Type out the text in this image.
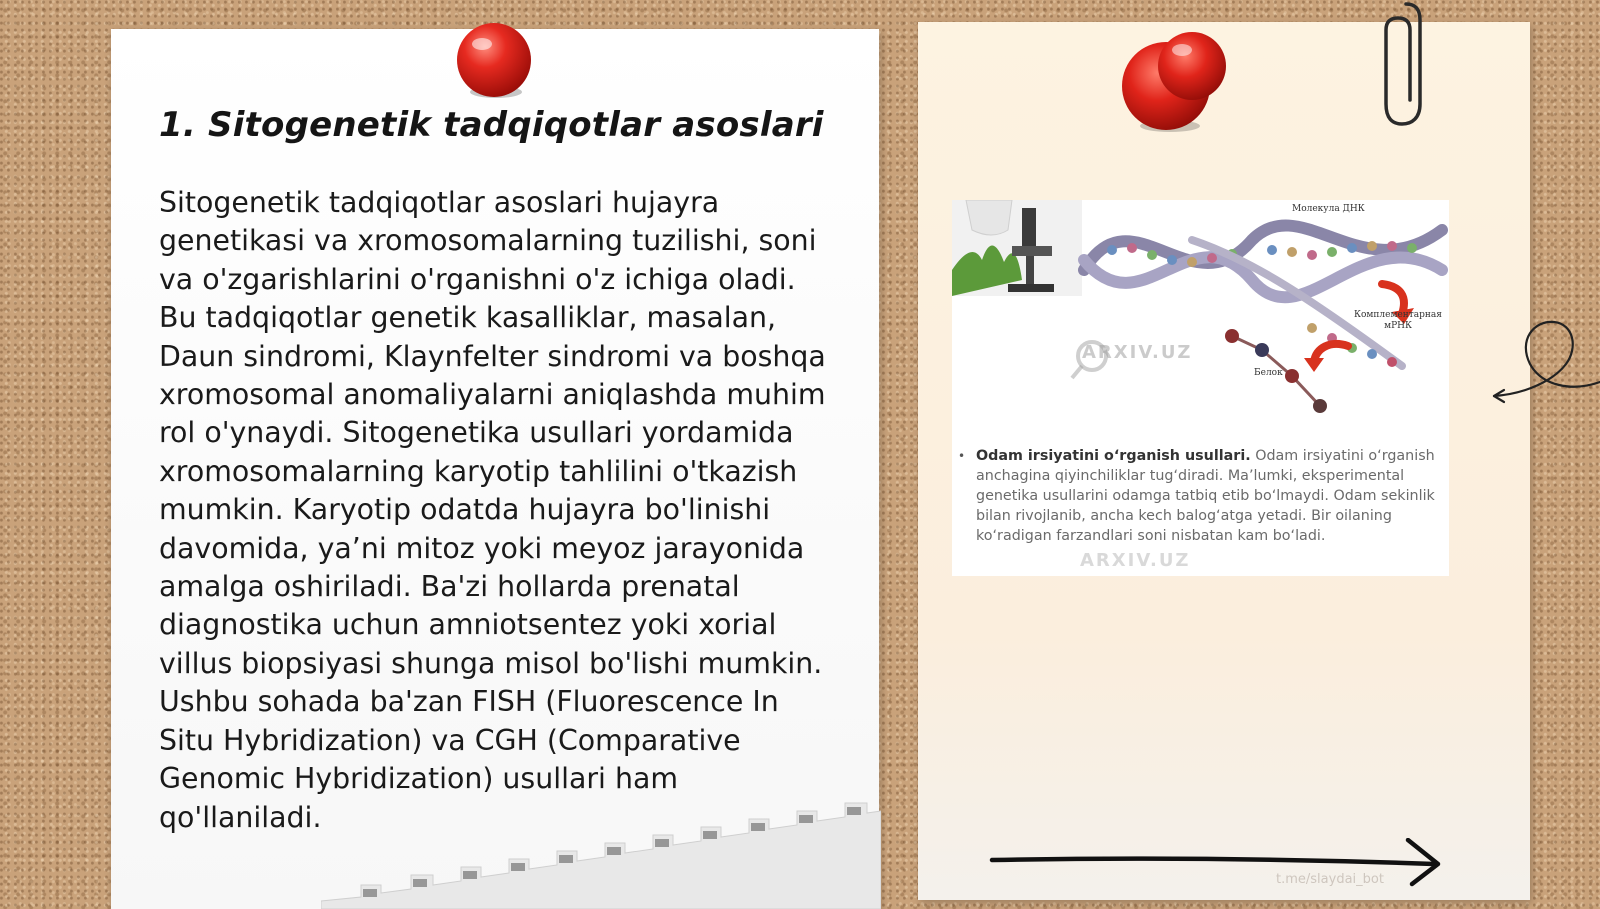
1. Sitogenetik tadqiqotlar asoslari

Sitogenetik tadqiqotlar asoslari hujayra genetikasi va xromosomalarning tuzilishi, soni va o'zgarishlarini o'rganishni o'z ichiga oladi. Bu tadqiqotlar genetik kasalliklar, masalan, Daun sindromi, Klaynfelter sindromi va boshqa xromosomal anomaliyalarni aniqlashda muhim rol o'ynaydi. Sitogenetika usullari yordamida xromosomalarning karyotip tahlilini o'tkazish mumkin. Karyotip odatda hujayra bo'linishi davomida, ya’ni mitoz yoki meyoz jarayonida amalga oshiriladi. Ba'zi hollarda prenatal diagnostika uchun amniotsentez yoki xorial villus biopsiyasi shunga misol bo'lishi mumkin. Ushbu sohada ba'zan FISH (Fluorescence In Situ Hybridization) va CGH (Comparative Genomic Hybridization) usullari ham qo'llaniladi.

Молекула ДНК
Комплементарная мРНК
Белок
ARXIV.UZ
• Odam irsiyatini o‘rganish usullari. Odam irsiyatini o‘rganish anchagina qiyinchiliklar tug‘diradi. Ma’lumki, eksperimental genetika usullarini odamga tatbiq etib bo‘lmaydi. Odam sekinlik bilan rivojlanib, ancha kech balog‘atga yetadi. Bir oilaning ko‘radigan farzandlari soni nisbatan kam bo‘ladi.
ARXIV.UZ
t.me/slaydai_bot
